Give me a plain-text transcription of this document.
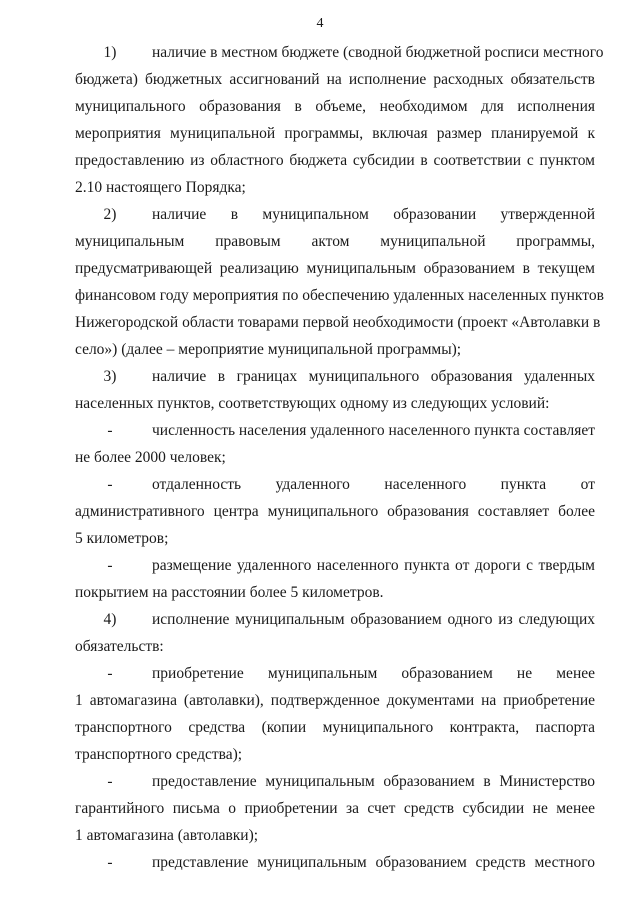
4
1)	наличие в местном бюджете (сводной бюджетной росписи местного
бюджета) бюджетных ассигнований на исполнение расходных обязательств
муниципального образования в объеме, необходимом для исполнения
мероприятия муниципальной программы, включая размер планируемой к
предоставлению из областного бюджета субсидии в соответствии с пунктом
2.10 настоящего Порядка;
2)	наличие в муниципальном образовании утвержденной
муниципальным правовым актом муниципальной программы,
предусматривающей реализацию муниципальным образованием в текущем
финансовом году мероприятия по обеспечению удаленных населенных пунктов
Нижегородской области товарами первой необходимости (проект «Автолавки в
село») (далее – мероприятие муниципальной программы);
3)	наличие в границах муниципального образования удаленных
населенных пунктов, соответствующих одному из следующих условий:
-	численность населения удаленного населенного пункта составляет
не более 2000 человек;
-	отдаленность удаленного населенного пункта от
административного центра муниципального образования составляет более
5 километров;
-	размещение удаленного населенного пункта от дороги с твердым
покрытием на расстоянии более 5 километров.
4)	исполнение муниципальным образованием одного из следующих
обязательств:
-	приобретение муниципальным образованием не менее
1 автомагазина (автолавки), подтвержденное документами на приобретение
транспортного средства (копии муниципального контракта, паспорта
транспортного средства);
-	предоставление муниципальным образованием в Министерство
гарантийного письма о приобретении за счет средств субсидии не менее
1 автомагазина (автолавки);
-	представление муниципальным образованием средств местного
